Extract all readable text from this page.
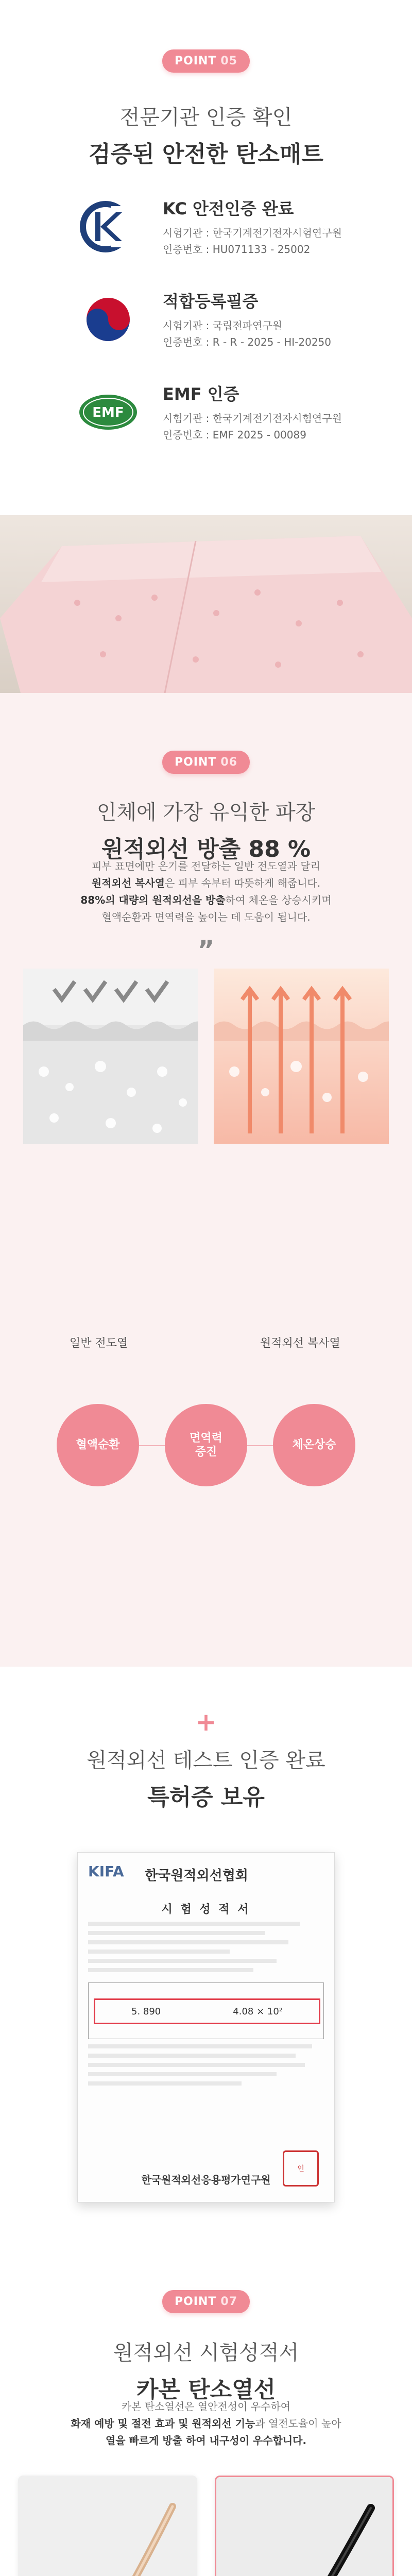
POINT 05
전문기관 인증 확인
검증된 안전한 탄소매트
KC 안전인증 완료
시험기관 : 한국기계전기전자시험연구원
인증번호 : HU071133 - 25002
적합등록필증
시험기관 : 국립전파연구원
인증번호 : R - R - 2025 - HI-20250
EMF
EMF 인증
시험기관 : 한국기계전기전자시험연구원
인증번호 : EMF 2025 - 00089
POINT 06
인체에 가장 유익한 파장
원적외선 방출 88 %
피부 표면에만 온기를 전달하는 일반 전도열과 달리
원적외선 복사열은 피부 속부터 따뜻하게 해줍니다.
88%의 대량의 원적외선을 방출하여 체온을 상승시키며
혈액순환과 면역력을 높이는 데 도움이 됩니다.
”
일반 전도열	원적외선 복사열
혈액순환
면역력
증진
체온상승
+
원적외선 테스트 인증 완료
특허증 보유
KIFA	한국원적외선협회
시 험 성 적 서
5. 890	4.08 × 10²
인
한국원적외선응용평가연구원
POINT 07
원적외선 시험성적서
카본 탄소열선
카본 탄소열선은 열안전성이 우수하여
화재 예방 및 절전 효과 및 원적외선 기능과 열전도율이 높아
열을 빠르게 방출 하여 내구성이 우수합니다.
